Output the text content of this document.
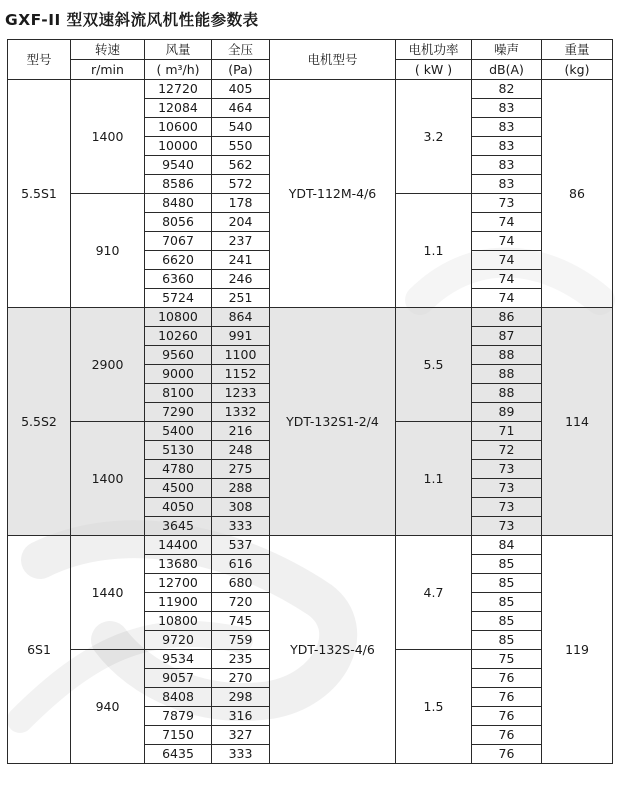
GXF-II 型双速斜流风机性能参数表
型号	转速	风量	全压	电机型号	电机功率	噪声	重量
	r/min	( m³/h)	(Pa)		( kW )	dB(A)	(kg)
5.5S1	1400	12720	405	YDT-112M-4/6	3.2	82	86
		12084	464			83	
		10600	540			83	
		10000	550			83	
		9540	562			83	
		8586	572			83	
	910	8480	178		1.1	73	
		8056	204			74	
		7067	237			74	
		6620	241			74	
		6360	246			74	
		5724	251			74	
5.5S2	2900	10800	864	YDT-132S1-2/4	5.5	86	114
		10260	991			87	
		9560	1100			88	
		9000	1152			88	
		8100	1233			88	
		7290	1332			89	
	1400	5400	216		1.1	71	
		5130	248			72	
		4780	275			73	
		4500	288			73	
		4050	308			73	
		3645	333			73	
6S1	1440	14400	537	YDT-132S-4/6	4.7	84	119
		13680	616			85	
		12700	680			85	
		11900	720			85	
		10800	745			85	
		9720	759			85	
	940	9534	235		1.5	75	
		9057	270			76	
		8408	298			76	
		7879	316			76	
		7150	327			76	
		6435	333			76	
